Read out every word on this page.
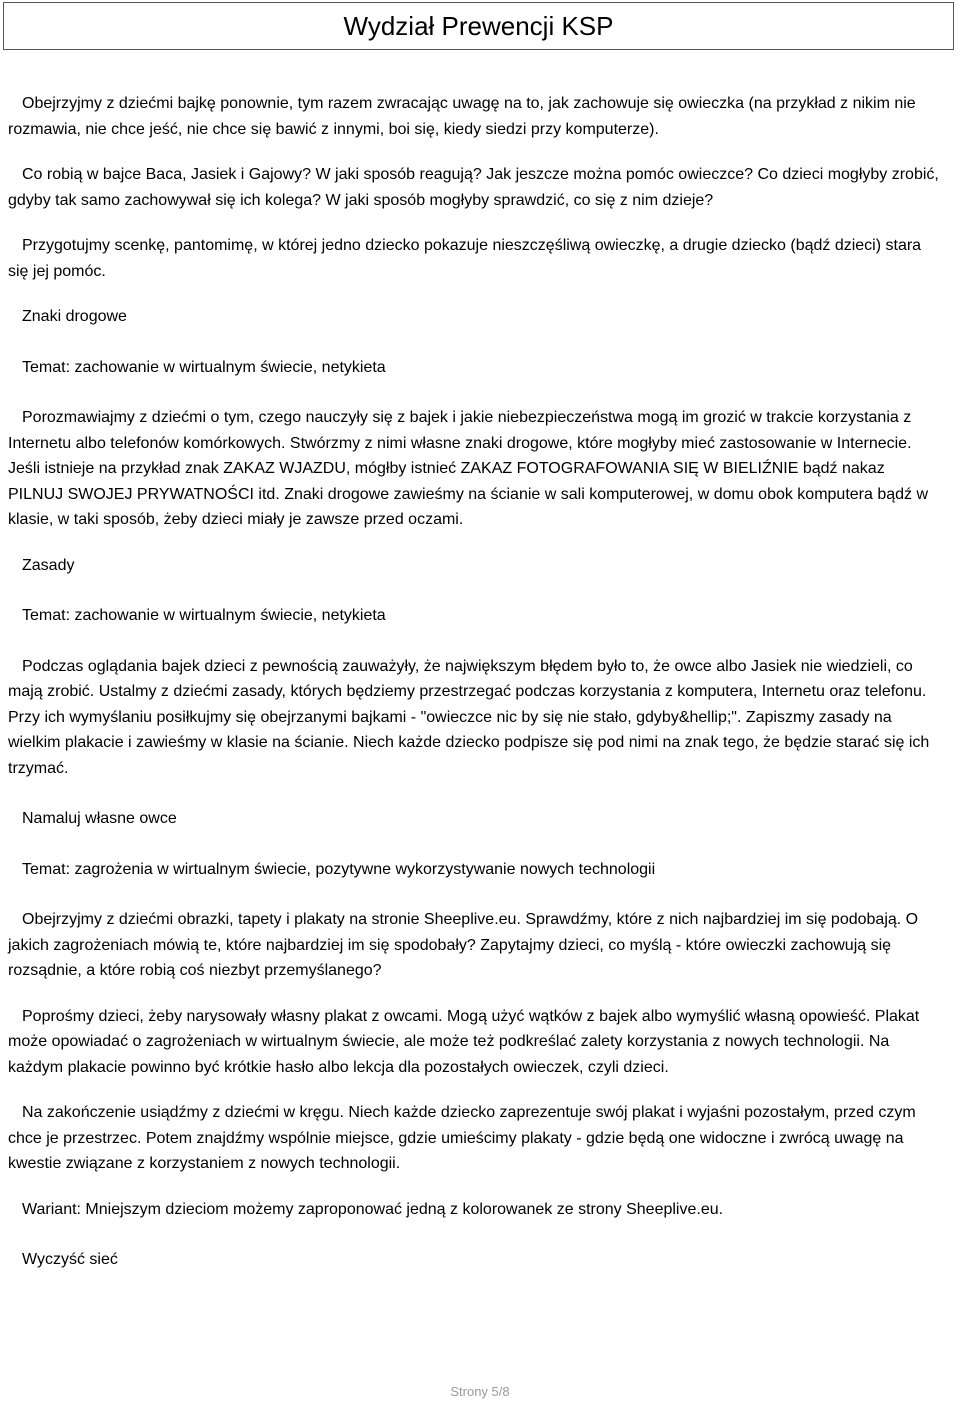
Wydział Prewencji KSP

Obejrzyjmy z dziećmi bajkę ponownie, tym razem zwracając uwagę na to, jak zachowuje się owieczka (na przykład z nikim nie rozmawia, nie chce jeść, nie chce się bawić z innymi, boi się, kiedy siedzi przy komputerze).

Co robią w bajce Baca, Jasiek i Gajowy? W jaki sposób reagują? Jak jeszcze można pomóc owieczce? Co dzieci mogłyby zrobić, gdyby tak samo zachowywał się ich kolega? W jaki sposób mogłyby sprawdzić, co się z nim dzieje?

Przygotujmy scenkę, pantomimę, w której jedno dziecko pokazuje nieszczęśliwą owieczkę, a drugie dziecko (bądź dzieci) stara się jej pomóc.

Znaki drogowe

Temat: zachowanie w wirtualnym świecie, netykieta

Porozmawiajmy z dziećmi o tym, czego nauczyły się z bajek i jakie niebezpieczeństwa mogą im grozić w trakcie korzystania z Internetu albo telefonów komórkowych. Stwórzmy z nimi własne znaki drogowe, które mogłyby mieć zastosowanie w Internecie. Jeśli istnieje na przykład znak ZAKAZ WJAZDU, mógłby istnieć ZAKAZ FOTOGRAFOWANIA SIĘ W BIELIŹNIE bądź nakaz PILNUJ SWOJEJ PRYWATNOŚCI itd. Znaki drogowe zawieśmy na ścianie w sali komputerowej, w domu obok komputera bądź w klasie, w taki sposób, żeby dzieci miały je zawsze przed oczami.

Zasady

Temat: zachowanie w wirtualnym świecie, netykieta

Podczas oglądania bajek dzieci z pewnością zauważyły, że największym błędem było to, że owce albo Jasiek nie wiedzieli, co mają zrobić. Ustalmy z dziećmi zasady, których będziemy przestrzegać podczas korzystania z komputera, Internetu oraz telefonu. Przy ich wymyślaniu posiłkujmy się obejrzanymi bajkami - "owieczce nic by się nie stało, gdyby&hellip;". Zapiszmy zasady na wielkim plakacie i zawieśmy w klasie na ścianie. Niech każde dziecko podpisze się pod nimi na znak tego, że będzie starać się ich trzymać.

Namaluj własne owce

Temat: zagrożenia w wirtualnym świecie, pozytywne wykorzystywanie nowych technologii

Obejrzyjmy z dziećmi obrazki, tapety i plakaty na stronie Sheeplive.eu. Sprawdźmy, które z nich najbardziej im się podobają. O jakich zagrożeniach mówią te, które najbardziej im się spodobały? Zapytajmy dzieci, co myślą - które owieczki zachowują się rozsądnie, a które robią coś niezbyt przemyślanego?

Poprośmy dzieci, żeby narysowały własny plakat z owcami. Mogą użyć wątków z bajek albo wymyślić własną opowieść. Plakat może opowiadać o zagrożeniach w wirtualnym świecie, ale może też podkreślać zalety korzystania z nowych technologii. Na każdym plakacie powinno być krótkie hasło albo lekcja dla pozostałych owieczek, czyli dzieci.

Na zakończenie usiądźmy z dziećmi w kręgu. Niech każde dziecko zaprezentuje swój plakat i wyjaśni pozostałym, przed czym chce je przestrzec. Potem znajdźmy wspólnie miejsce, gdzie umieścimy plakaty - gdzie będą one widoczne i zwrócą uwagę na kwestie związane z korzystaniem z nowych technologii.

Wariant: Mniejszym dzieciom możemy zaproponować jedną z kolorowanek ze strony Sheeplive.eu.

Wyczyść sieć

Strony 5/8
